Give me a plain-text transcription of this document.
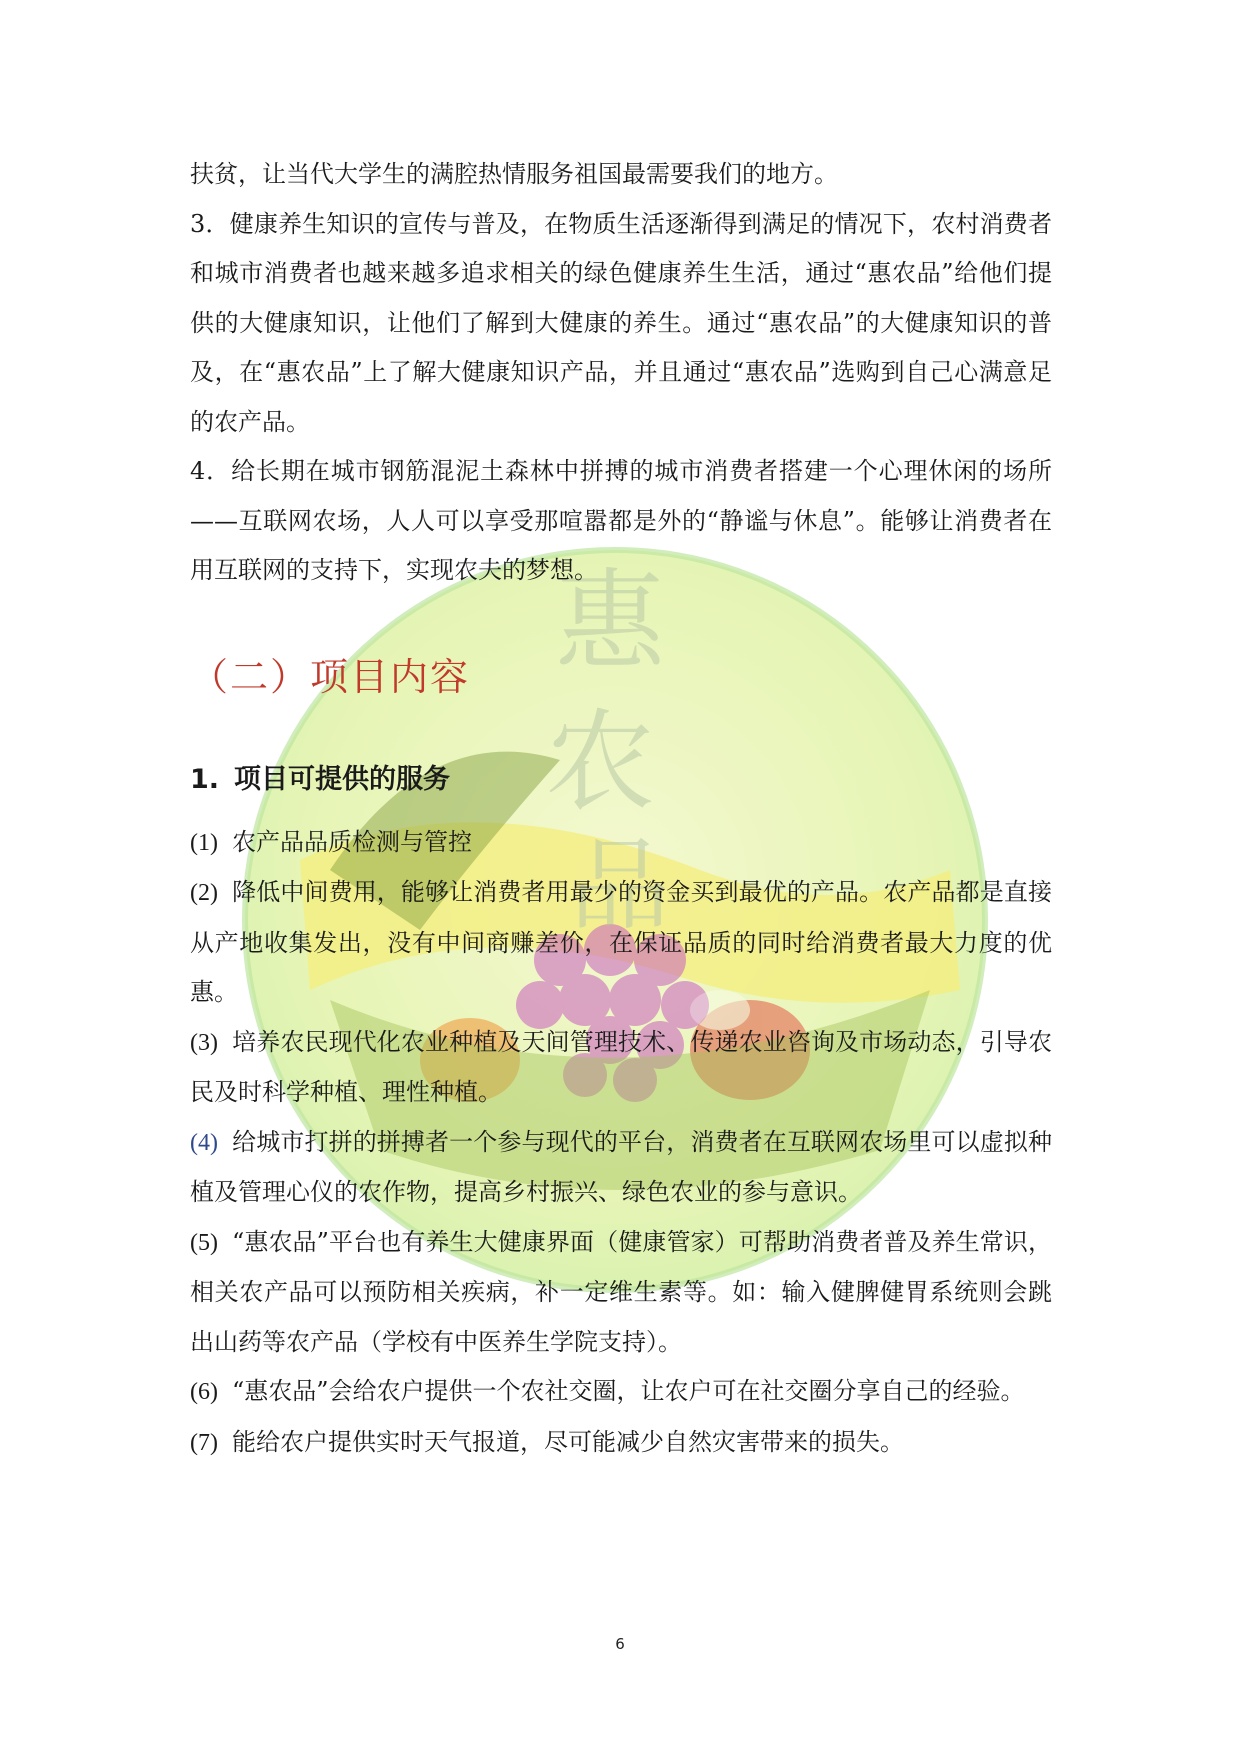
惠
农
品

扶贫，让当代大学生的满腔热情服务祖国最需要我们的地方。

3．健康养生知识的宣传与普及，在物质生活逐渐得到满足的情况下，农村消费者和城市消费者也越来越多追求相关的绿色健康养生生活，通过“惠农品”给他们提供的大健康知识，让他们了解到大健康的养生。通过“惠农品”的大健康知识的普及，在“惠农品”上了解大健康知识产品，并且通过“惠农品”选购到自己心满意足的农产品。

4．给长期在城市钢筋混泥土森林中拼搏的城市消费者搭建一个心理休闲的场所——互联网农场，人人可以享受那喧嚣都是外的“静谧与休息”。能够让消费者在用互联网的支持下，实现农夫的梦想。

（二）项目内容
1. 项目可提供的服务

(1) 农产品品质检测与管控

(2) 降低中间费用，能够让消费者用最少的资金买到最优的产品。农产品都是直接从产地收集发出，没有中间商赚差价，在保证品质的同时给消费者最大力度的优惠。

(3) 培养农民现代化农业种植及天间管理技术、传递农业咨询及市场动态，引导农民及时科学种植、理性种植。

(4) 给城市打拼的拼搏者一个参与现代的平台，消费者在互联网农场里可以虚拟种植及管理心仪的农作物，提高乡村振兴、绿色农业的参与意识。

(5) “惠农品”平台也有养生大健康界面（健康管家）可帮助消费者普及养生常识，相关农产品可以预防相关疾病，补一定维生素等。如：输入健脾健胃系统则会跳出山药等农产品（学校有中医养生学院支持）。

(6) “惠农品”会给农户提供一个农社交圈，让农户可在社交圈分享自己的经验。

(7) 能给农户提供实时天气报道，尽可能减少自然灾害带来的损失。

6
